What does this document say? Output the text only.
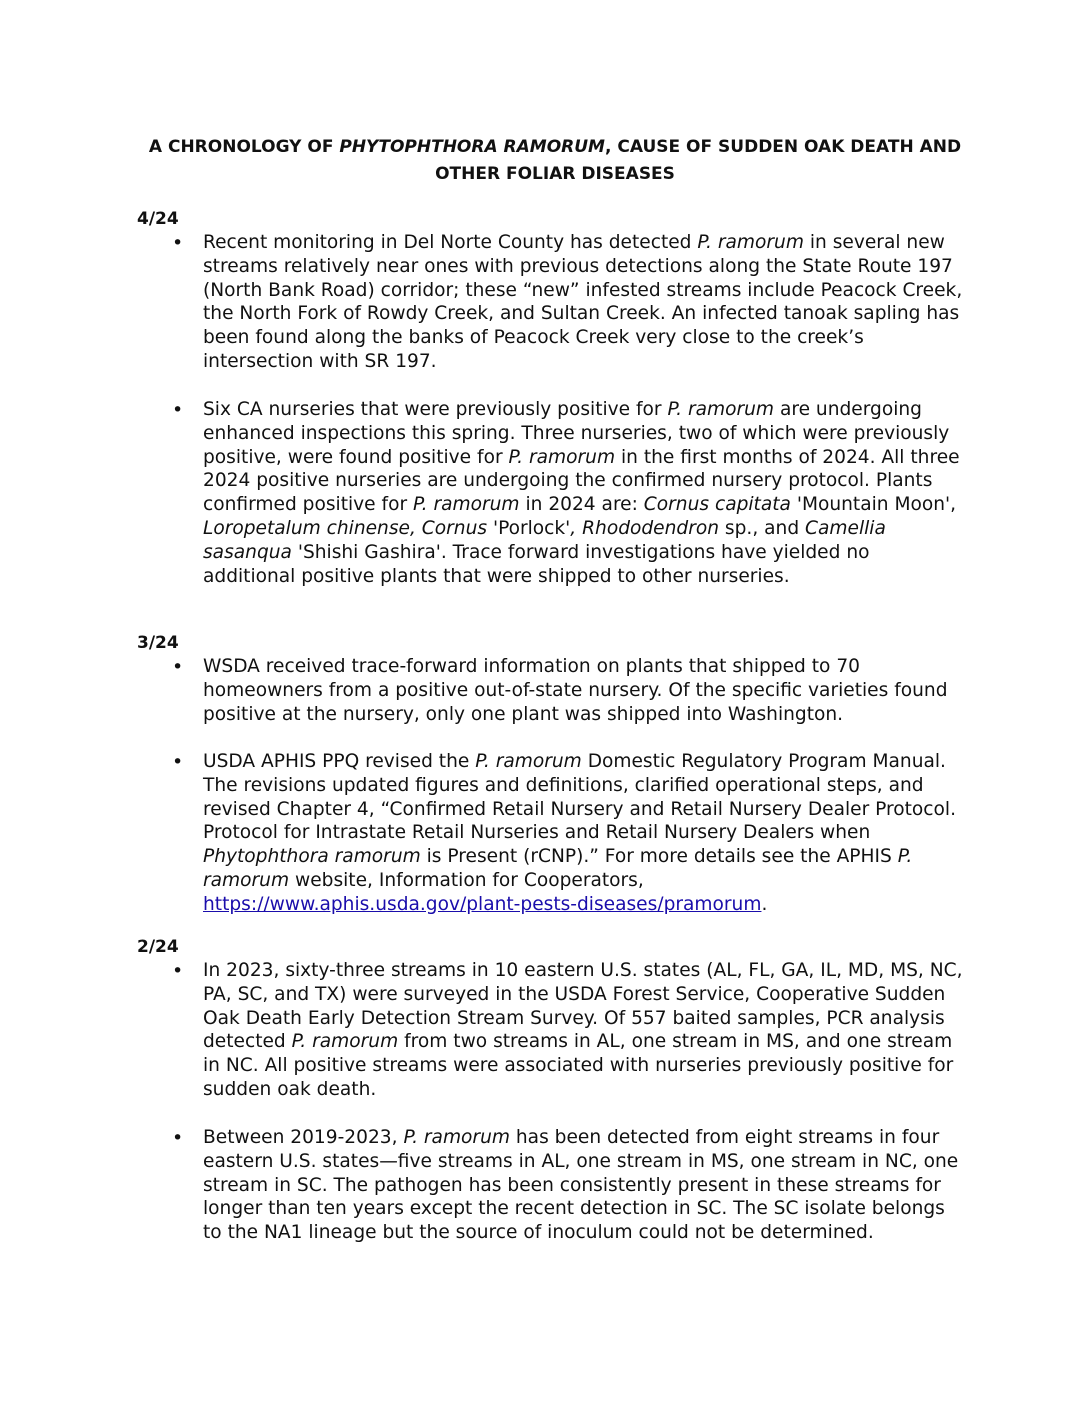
A CHRONOLOGY OF PHYTOPHTHORA RAMORUM, CAUSE OF SUDDEN OAK DEATH AND OTHER FOLIAR DISEASES
4/24
•	Recent monitoring in Del Norte County has detected P. ramorum in several new streams relatively near ones with previous detections along the State Route 197 (North Bank Road) corridor; these “new” infested streams include Peacock Creek, the North Fork of Rowdy Creek, and Sultan Creek. An infected tanoak sapling has been found along the banks of Peacock Creek very close to the creek’s intersection with SR 197.

•	Six CA nurseries that were previously positive for P. ramorum are undergoing enhanced inspections this spring. Three nurseries, two of which were previously positive, were found positive for P. ramorum in the first months of 2024. All three 2024 positive nurseries are undergoing the confirmed nursery protocol. Plants confirmed positive for P. ramorum in 2024 are: Cornus capitata 'Mountain Moon', Loropetalum chinense, Cornus 'Porlock', Rhododendron sp., and Camellia sasanqua 'Shishi Gashira'. Trace forward investigations have yielded no additional positive plants that were shipped to other nurseries.

3/24
•	WSDA received trace-forward information on plants that shipped to 70 homeowners from a positive out-of-state nursery. Of the specific varieties found positive at the nursery, only one plant was shipped into Washington.

•	USDA APHIS PPQ revised the P. ramorum Domestic Regulatory Program Manual. The revisions updated figures and definitions, clarified operational steps, and revised Chapter 4, “Confirmed Retail Nursery and Retail Nursery Dealer Protocol. Protocol for Intrastate Retail Nurseries and Retail Nursery Dealers when Phytophthora ramorum is Present (rCNP).” For more details see the APHIS P. ramorum website, Information for Cooperators, https://www.aphis.usda.gov/plant-pests-diseases/pramorum.

2/24
•	In 2023, sixty-three streams in 10 eastern U.S. states (AL, FL, GA, IL, MD, MS, NC, PA, SC, and TX) were surveyed in the USDA Forest Service, Cooperative Sudden Oak Death Early Detection Stream Survey. Of 557 baited samples, PCR analysis detected P. ramorum from two streams in AL, one stream in MS, and one stream in NC. All positive streams were associated with nurseries previously positive for sudden oak death.

•	Between 2019-2023, P. ramorum has been detected from eight streams in four eastern U.S. states—five streams in AL, one stream in MS, one stream in NC, one stream in SC. The pathogen has been consistently present in these streams for longer than ten years except the recent detection in SC. The SC isolate belongs to the NA1 lineage but the source of inoculum could not be determined.
